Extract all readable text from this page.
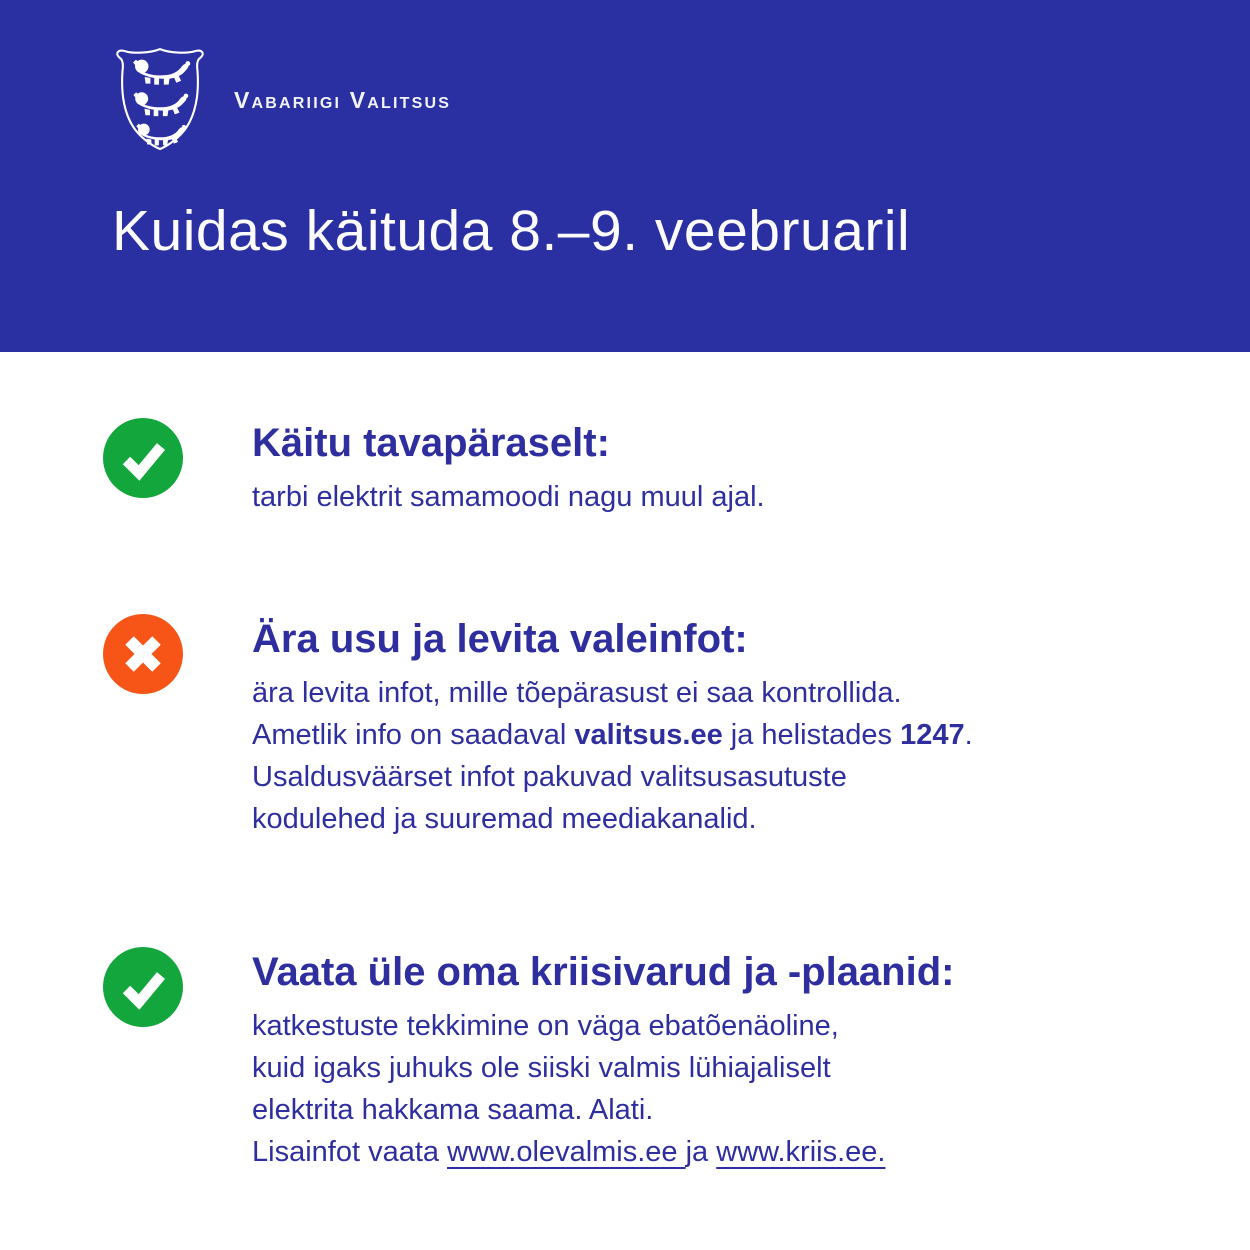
Vabariigi Valitsus
Kuidas käituda 8.–9. veebruaril
Käitu tavapäraselt:

tarbi elektrit samamoodi nagu muul ajal.

Ära usu ja levita valeinfot:

ära levita infot, mille tõepärasust ei saa kontrollida.

Ametlik info on saadaval valitsus.ee ja helistades 1247.

Usaldusväärset infot pakuvad valitsusasutuste

kodulehed ja suuremad meediakanalid.

Vaata üle oma kriisivarud ja -plaanid:

katkestuste tekkimine on väga ebatõenäoline,

kuid igaks juhuks ole siiski valmis lühiajaliselt

elektrita hakkama saama. Alati.

Lisainfot vaata www.olevalmis.ee ja www.kriis.ee.
